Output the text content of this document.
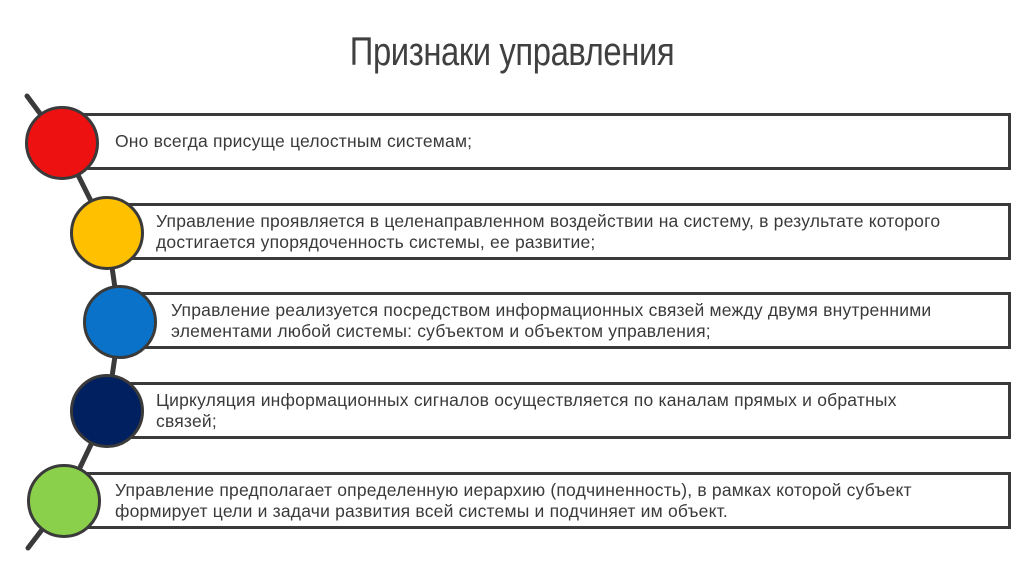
Признаки управления
Оно всегда присуще целостным системам;
Управление проявляется в целенаправленном воздействии на систему, в результате которого достигается упорядоченность системы, ее развитие;
Управление реализуется посредством информационных связей между двумя внутренними элементами любой системы: субъектом и объектом управления;
Циркуляция информационных сигналов осуществляется по каналам прямых и обратных связей;
Управление предполагает определенную иерархию (подчиненность), в рамках которой субъект формирует цели и задачи развития всей системы и подчиняет им объект.
